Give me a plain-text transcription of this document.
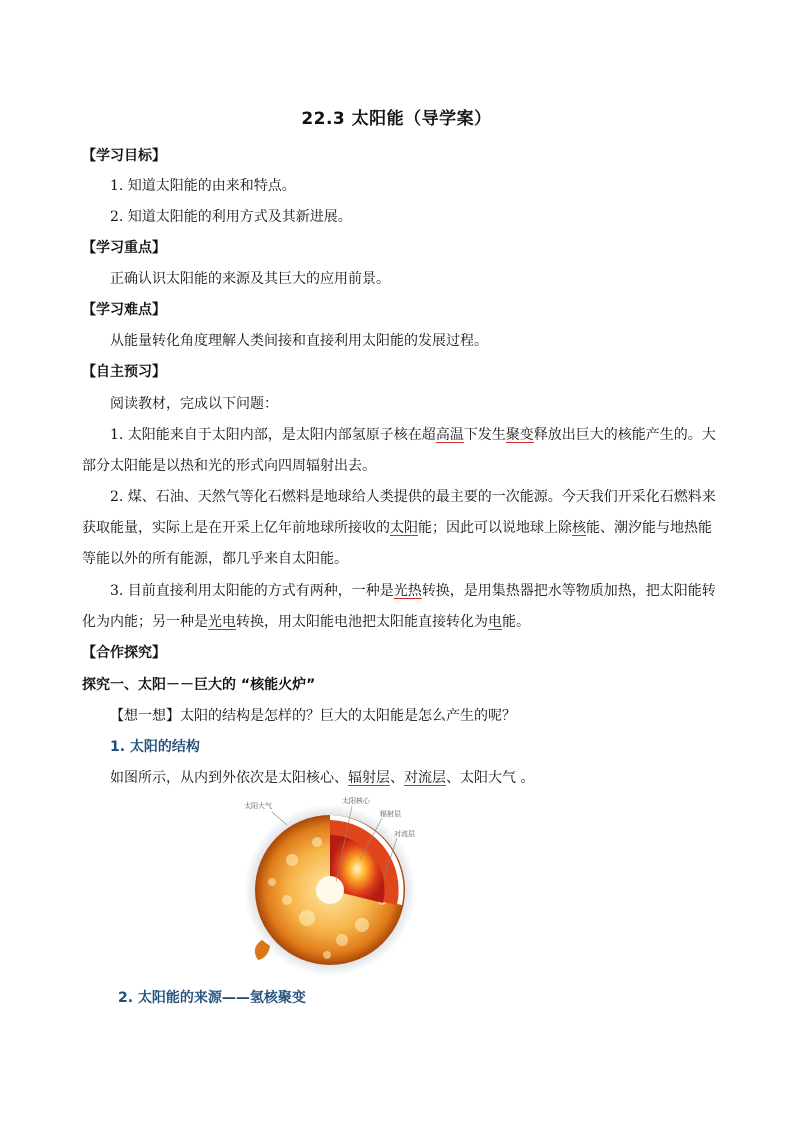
22.3 太阳能（导学案）
【学习目标】
1. 知道太阳能的由来和特点。
2. 知道太阳能的利用方式及其新进展。
【学习重点】
正确认识太阳能的来源及其巨大的应用前景。
【学习难点】
从能量转化角度理解人类间接和直接利用太阳能的发展过程。
【自主预习】
阅读教材，完成以下问题：
1. 太阳能来自于太阳内部，是太阳内部氢原子核在超高温下发生聚变释放出巨大的核能产生的。大
部分太阳能是以热和光的形式向四周辐射出去。
2. 煤、石油、天然气等化石燃料是地球给人类提供的最主要的一次能源。今天我们开采化石燃料来
获取能量，实际上是在开采上亿年前地球所接收的太阳能；因此可以说地球上除核能、潮汐能与地热能
等能以外的所有能源，都几乎来自太阳能。
3. 目前直接利用太阳能的方式有两种，一种是光热转换，是用集热器把水等物质加热，把太阳能转
化为内能；另一种是光电转换，用太阳能电池把太阳能直接转化为电能。
【合作探究】
探究一、太阳－－巨大的 “核能火炉”
【想一想】太阳的结构是怎样的？巨大的太阳能是怎么产生的呢？
1. 太阳的结构
如图所示，从内到外依次是太阳核心、辐射层、对流层、太阳大气 。
太阳大气
太阳核心
辐射层
对流层
2. 太阳能的来源——氢核聚变
